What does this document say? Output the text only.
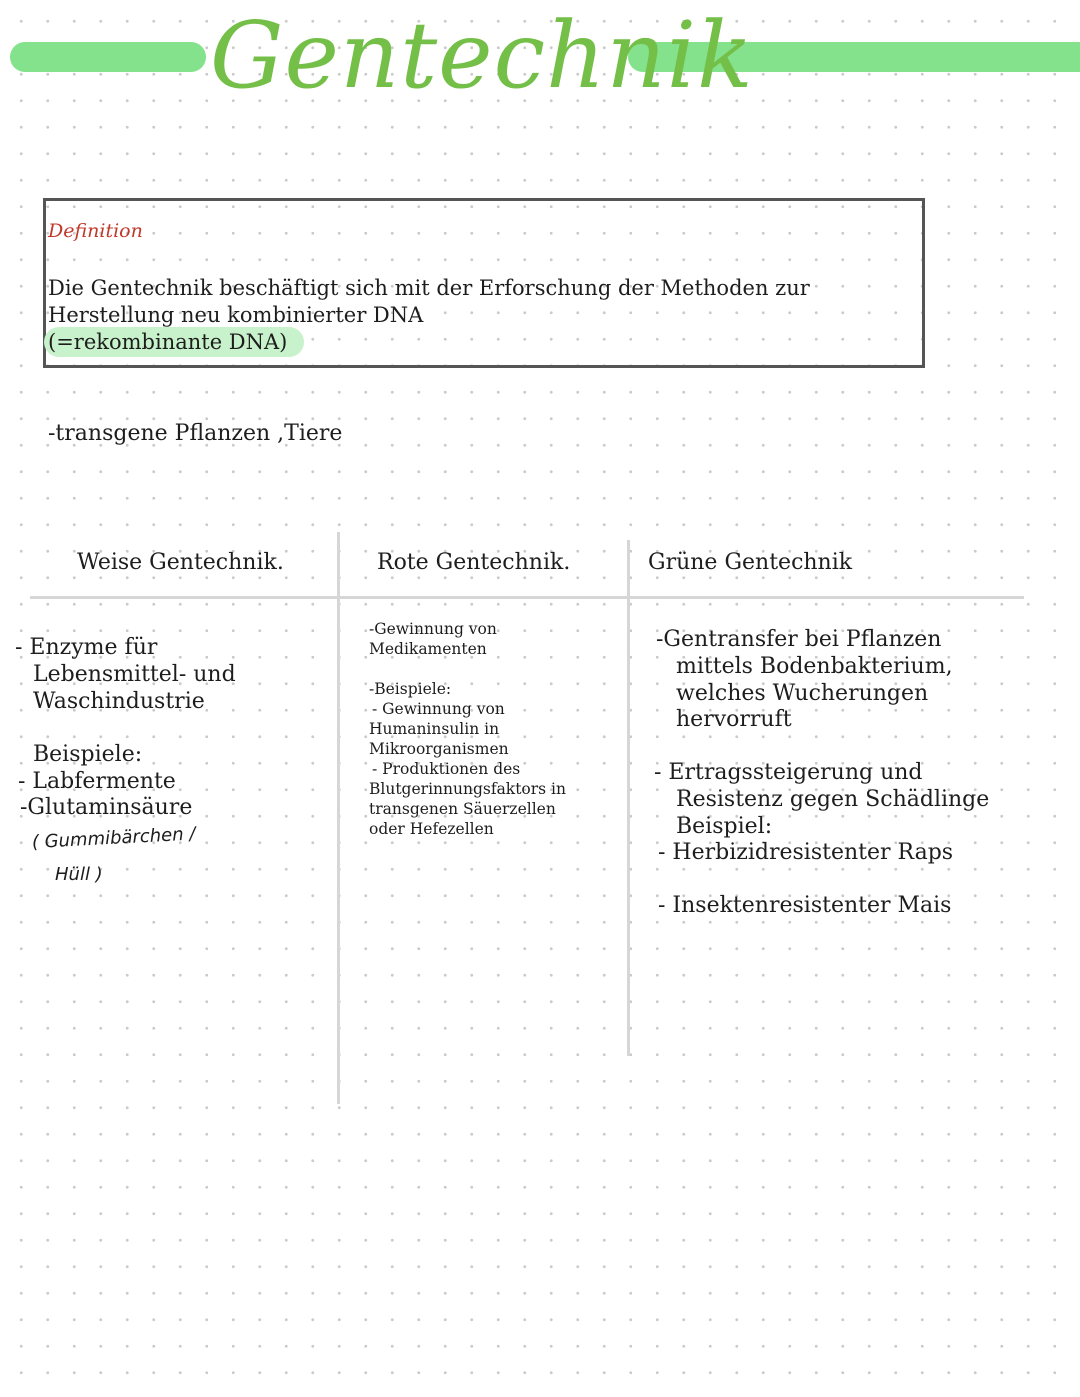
Gentechnik
Definition
Die Gentechnik beschäftigt sich mit der Erforschung der Methoden zur
Herstellung neu kombinierter DNA
(=rekombinante DNA)
-transgene Pflanzen ,Tiere
Weise Gentechnik.	Rote Gentechnik.	Grüne Gentechnik
- Enzyme für
Lebensmittel- und
Waschindustrie
Beispiele:
- Labfermente
-Glutaminsäure
( Gummibärchen /
Hüll )
-Gewinnung von
Medikamenten
-Beispiele:
- Gewinnung von
Humaninsulin in
Mikroorganismen
- Produktionen des
Blutgerinnungsfaktors in
transgenen Säuerzellen
oder Hefezellen
-Gentransfer bei Pflanzen
mittels Bodenbakterium,
welches Wucherungen
hervorruft
- Ertragssteigerung und
Resistenz gegen Schädlinge
Beispiel:
- Herbizidresistenter Raps
- Insektenresistenter Mais
